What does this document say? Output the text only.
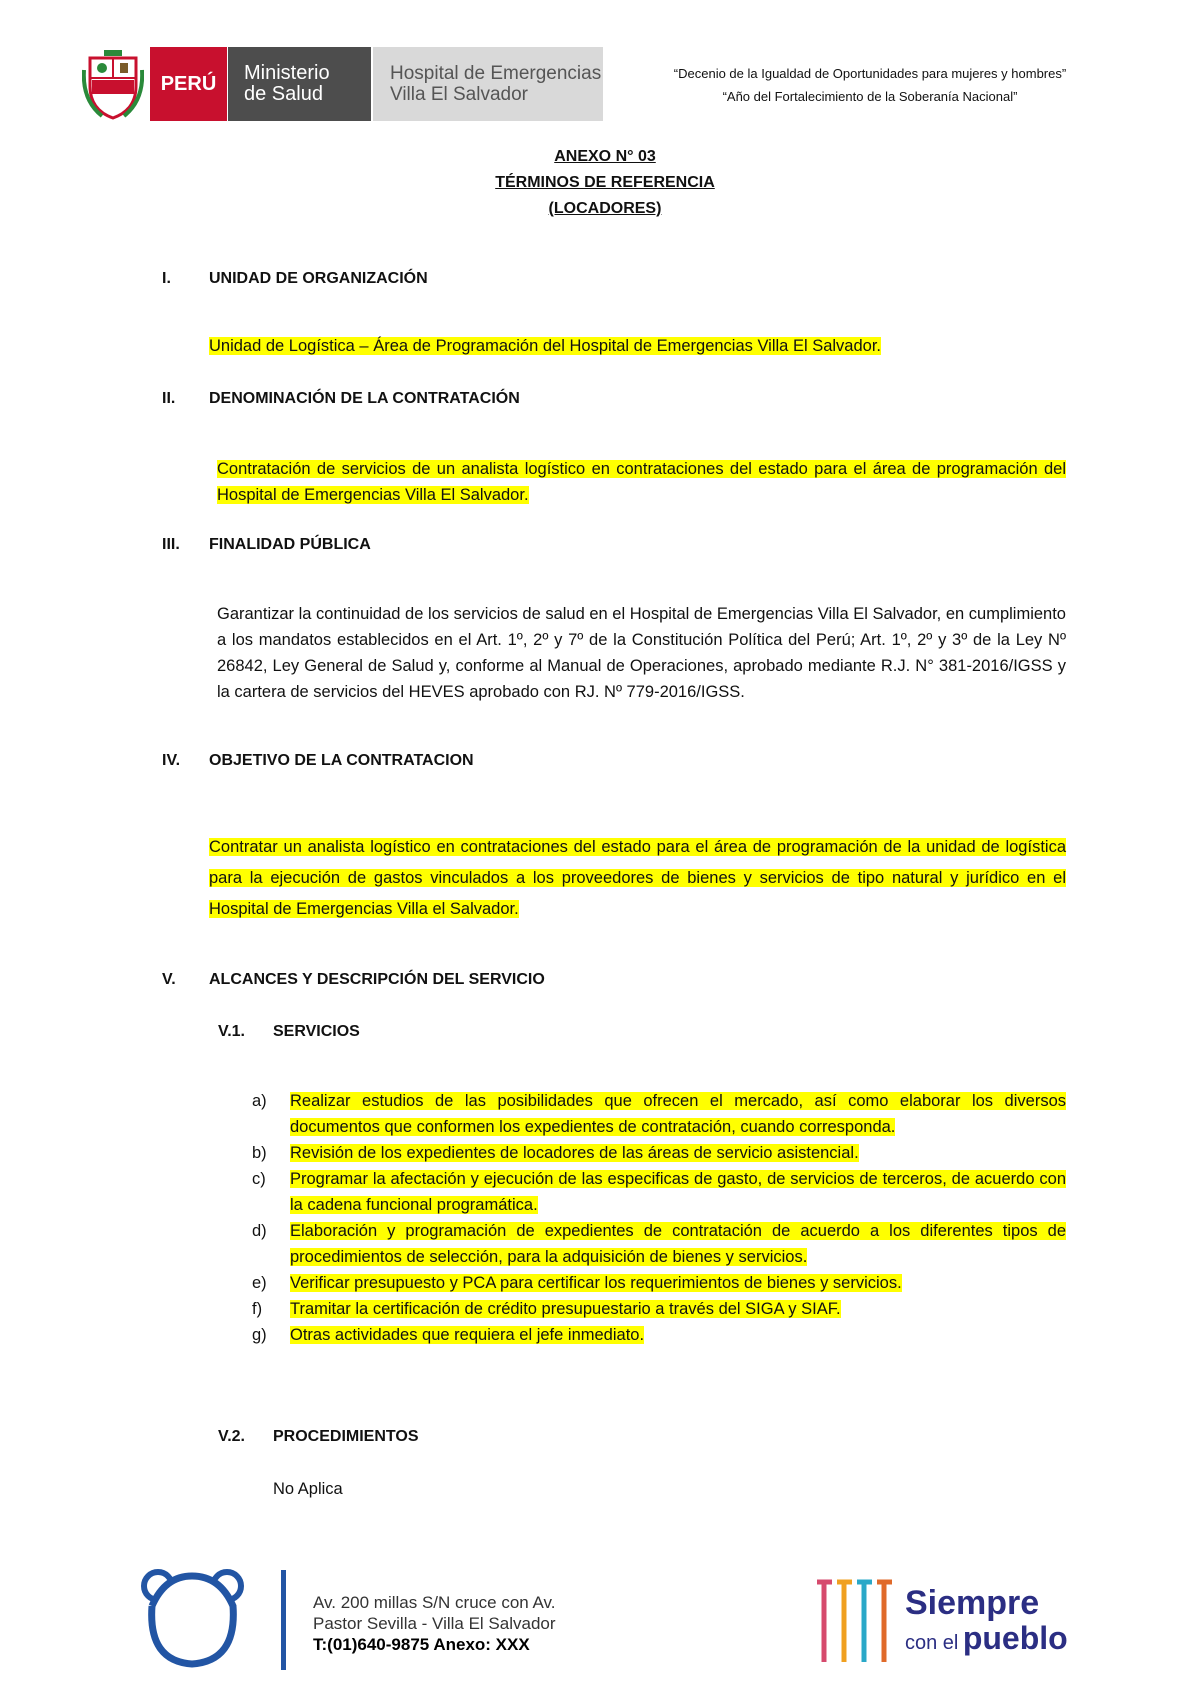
PERÚ Ministerio
de Salud
Hospital de Emergencias
Villa El Salvador
“Decenio de la Igualdad de Oportunidades para mujeres y hombres”
“Año del Fortalecimiento de la Soberanía Nacional”
ANEXO N° 03
TÉRMINOS DE REFERENCIA
(LOCADORES)
I. UNIDAD DE ORGANIZACIÓN
Unidad de Logística – Área de Programación del Hospital de Emergencias Villa El Salvador.
II. DENOMINACIÓN DE LA CONTRATACIÓN
Contratación de servicios de un analista logístico en contrataciones del estado para el área de programación del Hospital de Emergencias Villa El Salvador.
III. FINALIDAD PÚBLICA
Garantizar la continuidad de los servicios de salud en el Hospital de Emergencias Villa El Salvador, en cumplimiento a los mandatos establecidos en el Art. 1º, 2º y 7º de la Constitución Política del Perú; Art. 1º, 2º y 3º de la Ley Nº 26842, Ley General de Salud y, conforme al Manual de Operaciones, aprobado mediante R.J. N° 381-2016/IGSS y la cartera de servicios del HEVES aprobado con RJ. Nº 779-2016/IGSS.
IV. OBJETIVO DE LA CONTRATACION
Contratar un analista logístico en contrataciones del estado para el área de programación de la unidad de logística para la ejecución de gastos vinculados a los proveedores de bienes y servicios de tipo natural y jurídico en el Hospital de Emergencias Villa el Salvador.
V. ALCANCES Y DESCRIPCIÓN DEL SERVICIO
V.1. SERVICIOS
a) Realizar estudios de las posibilidades que ofrecen el mercado, así como elaborar los diversos documentos que conformen los expedientes de contratación, cuando corresponda.
b) Revisión de los expedientes de locadores de las áreas de servicio asistencial.
c) Programar la afectación y ejecución de las especificas de gasto, de servicios de terceros, de acuerdo con la cadena funcional programática.
d) Elaboración y programación de expedientes de contratación de acuerdo a los diferentes tipos de procedimientos de selección, para la adquisición de bienes y servicios.
e) Verificar presupuesto y PCA para certificar los requerimientos de bienes y servicios.
f) Tramitar la certificación de crédito presupuestario a través del SIGA y SIAF.
g) Otras actividades que requiera el jefe inmediato.
V.2. PROCEDIMIENTOS
No Aplica
Av. 200 millas S/N cruce con Av.
Pastor Sevilla - Villa El Salvador
T:(01)640-9875 Anexo: XXX
Siempre
con el pueblo
